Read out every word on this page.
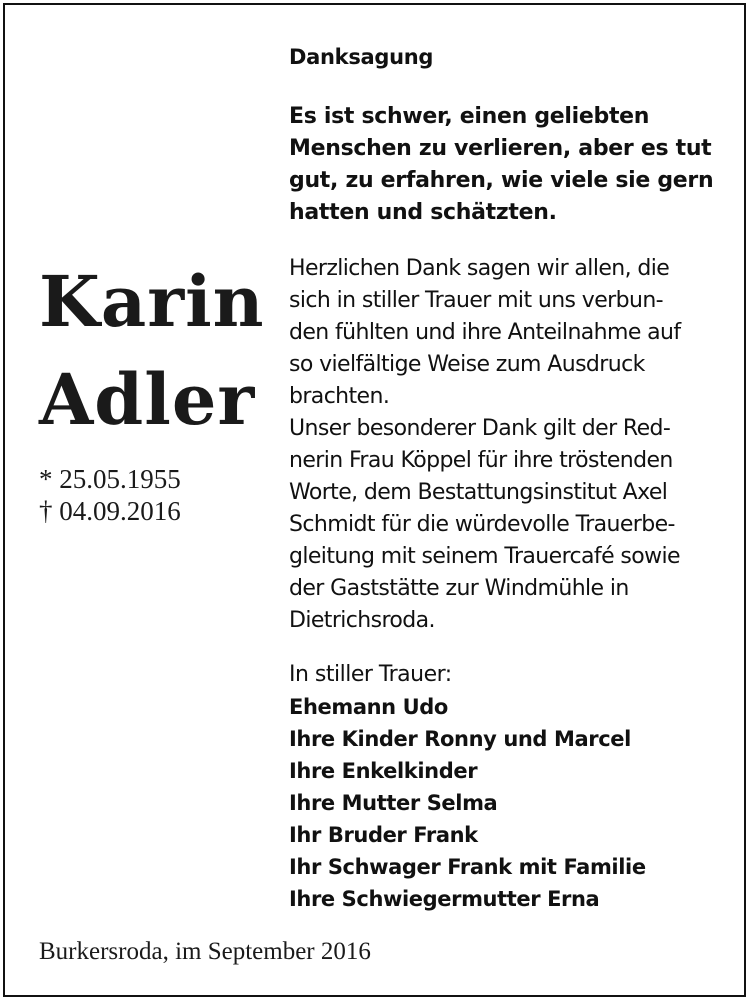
Karin
Adler
* 25.05.1955
† 04.09.2016
Danksagung
Es ist schwer, einen geliebten
Menschen zu verlieren, aber es tut
gut, zu erfahren, wie viele sie gern
hatten und schätzten.
Herzlichen Dank sagen wir allen, die
sich in stiller Trauer mit uns verbun-
den fühlten und ihre Anteilnahme auf
so vielfältige Weise zum Ausdruck
brachten.
Unser besonderer Dank gilt der Red-
nerin Frau Köppel für ihre tröstenden
Worte, dem Bestattungsinstitut Axel
Schmidt für die würdevolle Trauerbe-
gleitung mit seinem Trauercafé sowie
der Gaststätte zur Windmühle in
Dietrichsroda.
In stiller Trauer:
Ehemann Udo
Ihre Kinder Ronny und Marcel
Ihre Enkelkinder
Ihre Mutter Selma
Ihr Bruder Frank
Ihr Schwager Frank mit Familie
Ihre Schwiegermutter Erna
Burkersroda, im September 2016
